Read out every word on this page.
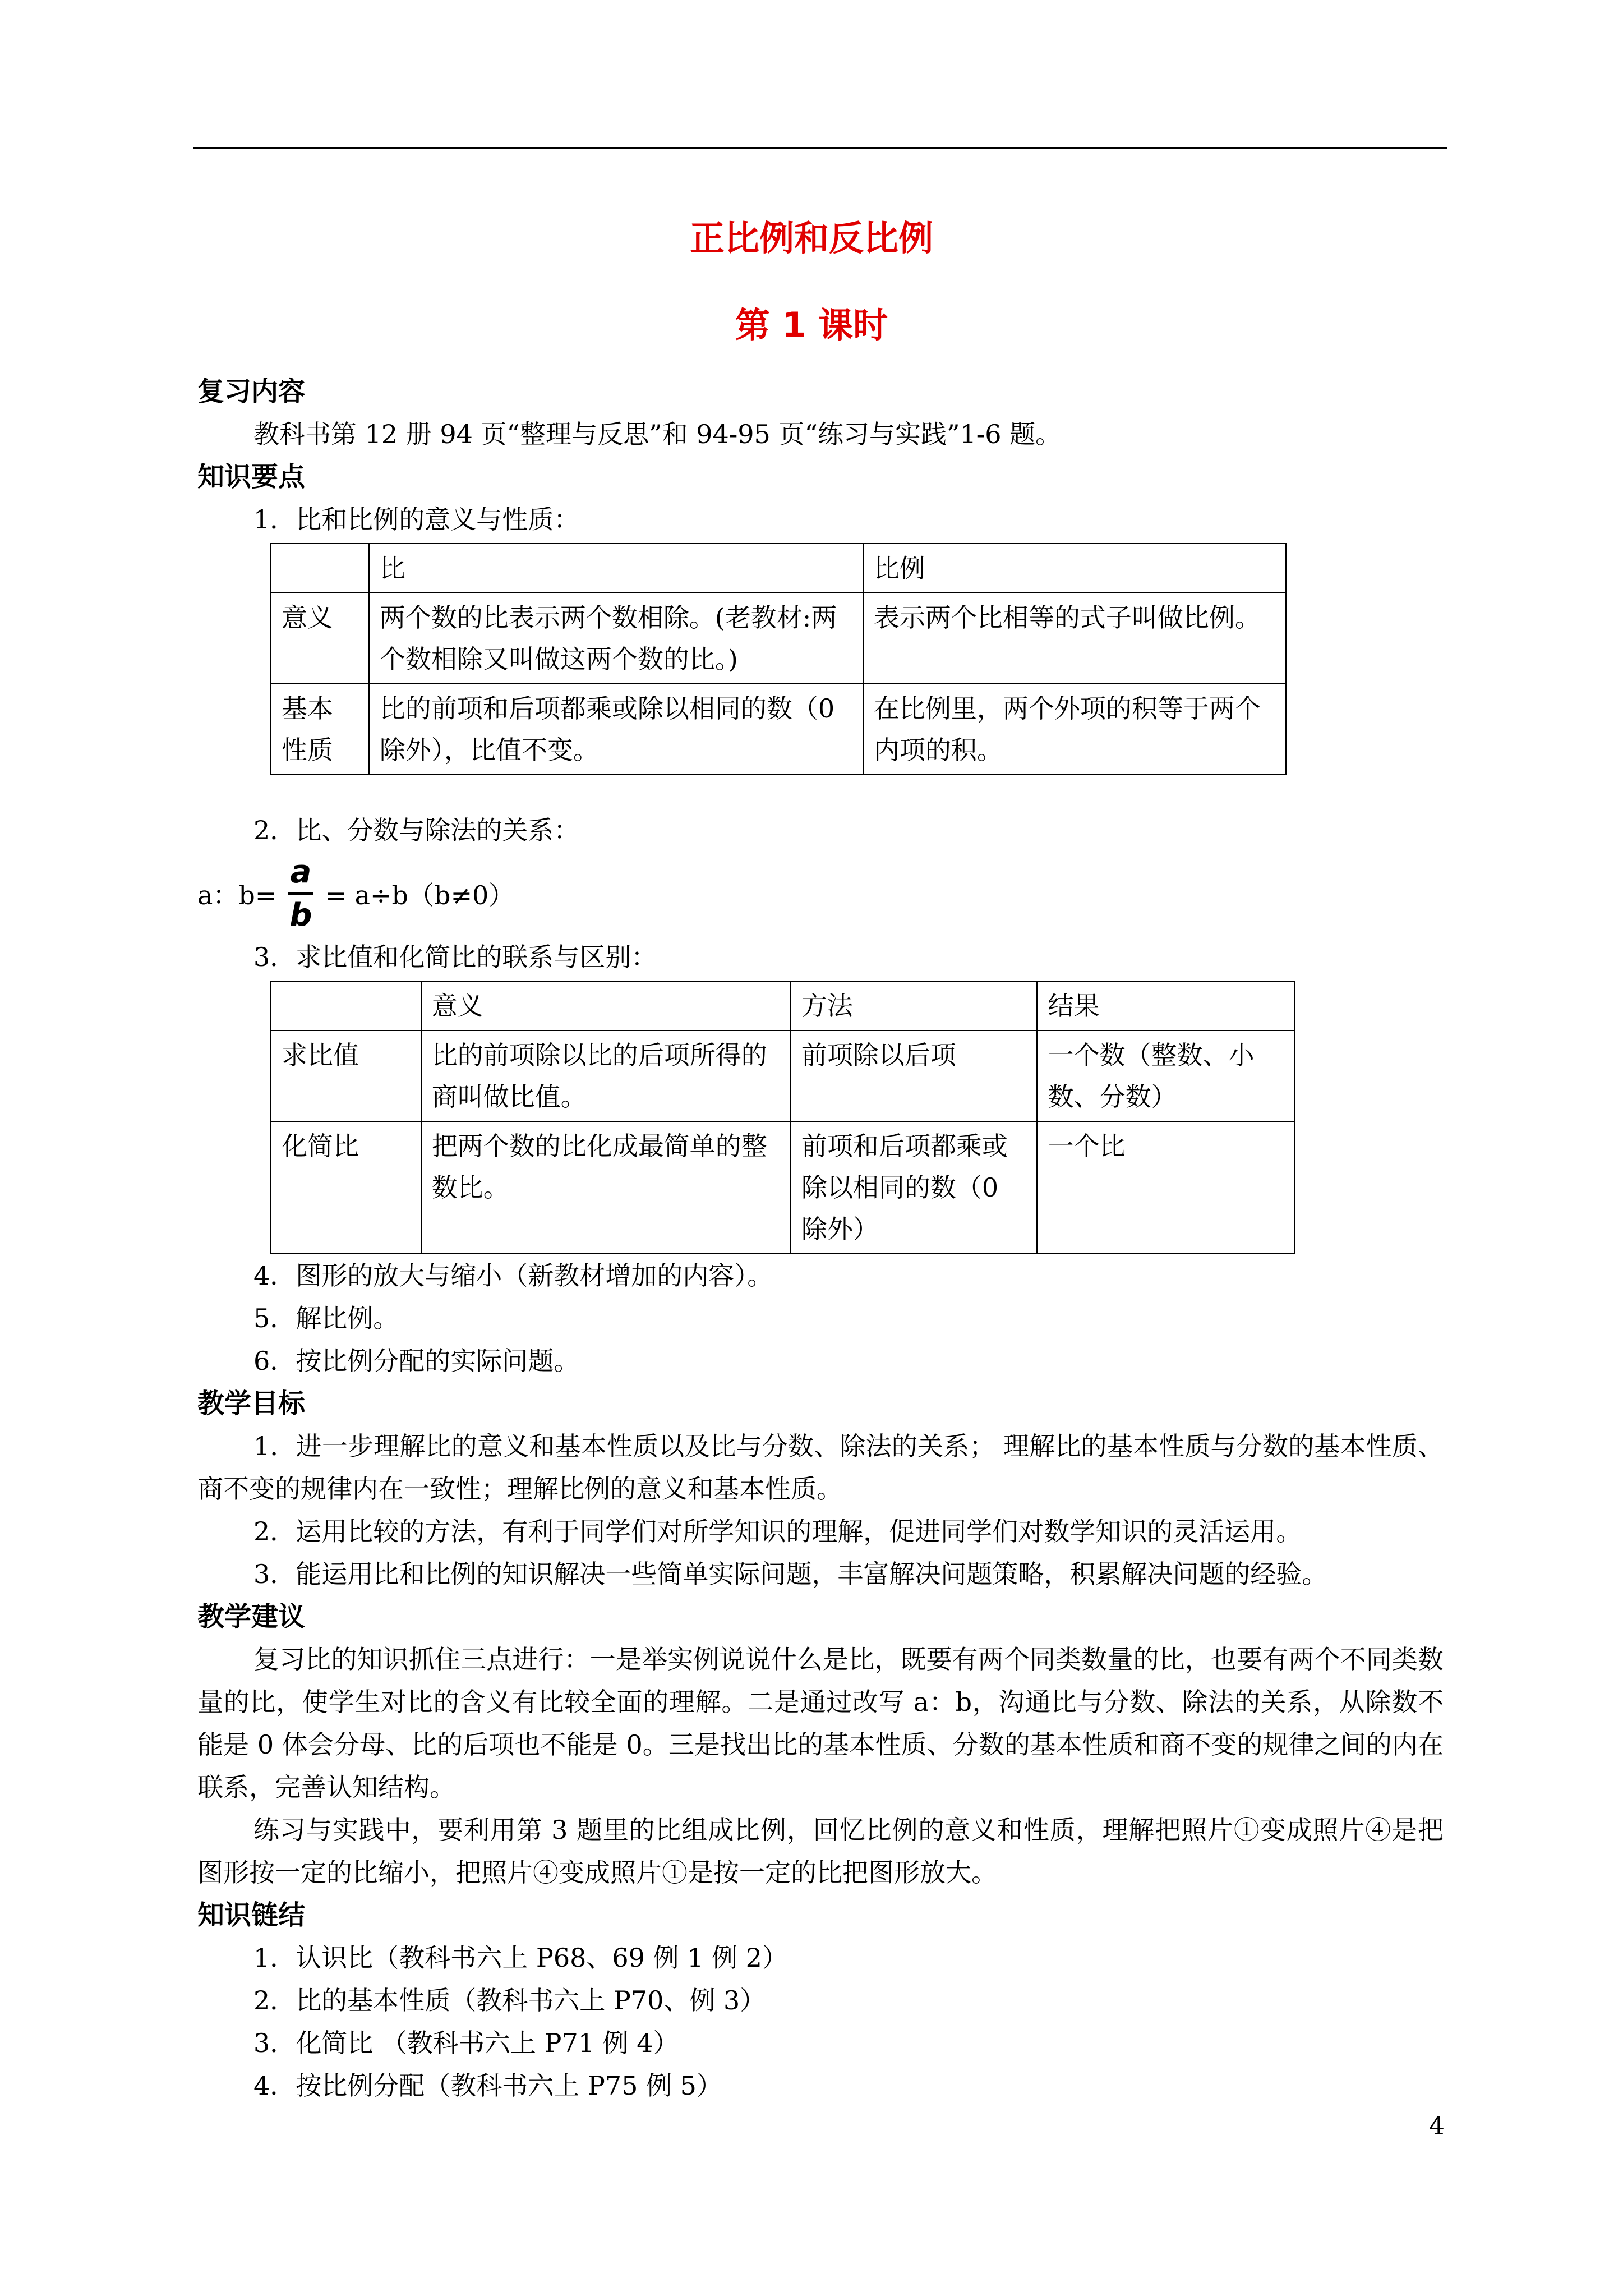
正比例和反比例
第 1 课时
复习内容
教科书第 12 册 94 页“整理与反思”和 94-95 页“练习与实践”1-6 题。
知识要点
1．比和比例的意义与性质：
	比	比例
意义	两个数的比表示两个数相除。(老教材:两个数相除又叫做这两个数的比。)	表示两个比相等的式子叫做比例。
基本性质	比的前项和后项都乘或除以相同的数（0 除外），比值不变。	在比例里，两个外项的积等于两个内项的积。
2．比、分数与除法的关系：
a：$b= \frac{a}{b} = a\div b(b\ne 0)$
3．求比值和化简比的联系与区别：
	意义	方法	结果
求比值	比的前项除以比的后项所得的商叫做比值。	前项除以后项	一个数（整数、小数、分数）
化简比	把两个数的比化成最简单的整数比。	前项和后项都乘或除以相同的数（0 除外）	一个比
4．图形的放大与缩小（新教材增加的内容）。
5．解比例。
6．按比例分配的实际问题。
教学目标
1．进一步理解比的意义和基本性质以及比与分数、除法的关系； 理解比的基本性质与分数的基本性质、商不变的规律内在一致性；理解比例的意义和基本性质。
2．运用比较的方法，有利于同学们对所学知识的理解，促进同学们对数学知识的灵活运用。
3．能运用比和比例的知识解决一些简单实际问题，丰富解决问题策略，积累解决问题的经验。
教学建议
复习比的知识抓住三点进行：一是举实例说说什么是比，既要有两个同类数量的比，也要有两个不同类数量的比，使学生对比的含义有比较全面的理解。二是通过改写 a：b，沟通比与分数、除法的关系，从除数不能是 0 体会分母、比的后项也不能是 0。三是找出比的基本性质、分数的基本性质和商不变的规律之间的内在联系，完善认知结构。
练习与实践中，要利用第 3 题里的比组成比例，回忆比例的意义和性质，理解把照片①变成照片④是把图形按一定的比缩小，把照片④变成照片①是按一定的比把图形放大。
知识链结
1．认识比（教科书六上 P68、69 例 1 例 2）
2．比的基本性质（教科书六上 P70、例 3）
3．化简比 （教科书六上 P71 例 4）
4．按比例分配（教科书六上 P75 例 5）
4
